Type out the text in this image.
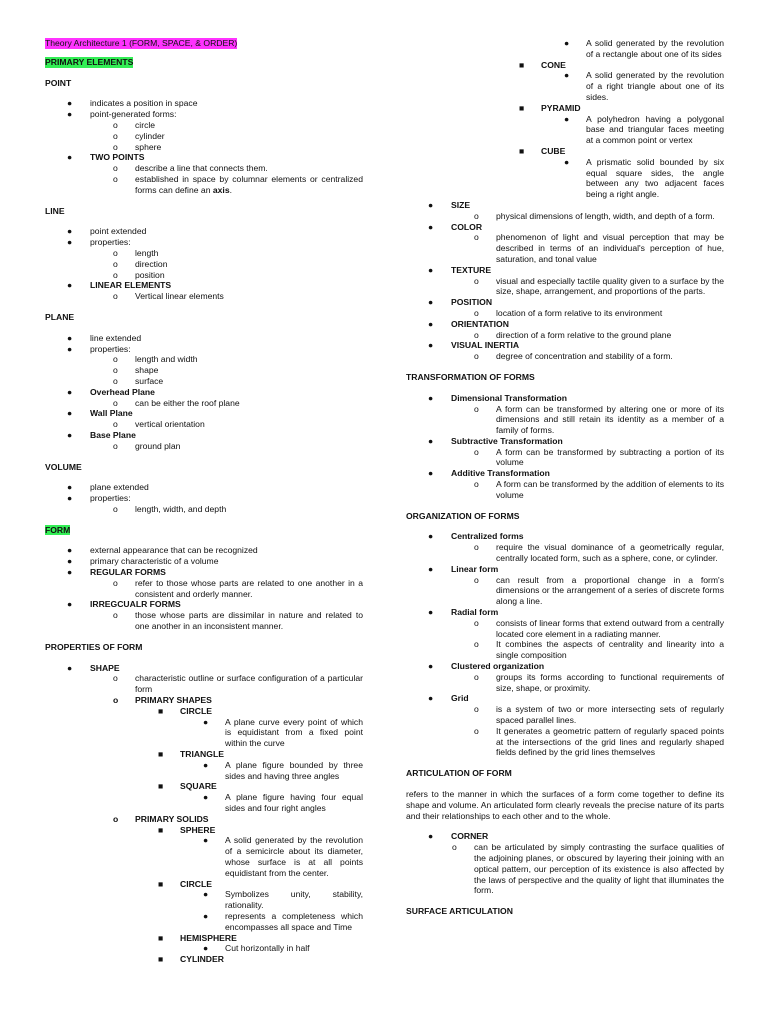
Theory Architecture 1 (FORM, SPACE, & ORDER)
PRIMARY ELEMENTS
POINT
● indicates a position in space
● point-generated forms:
o circle
o cylinder
o sphere
● TWO POINTS
o describe a line that connects them.
o established in space by columnar elements or centralized forms can define an axis.
LINE
● point extended
● properties:
o length
o direction
o position
● LINEAR ELEMENTS
o Vertical linear elements
PLANE
● line extended
● properties:
o length and width
o shape
o surface
● Overhead Plane
o can be either the roof plane
● Wall Plane
o vertical orientation
● Base Plane
o ground plan
VOLUME
● plane extended
● properties:
o length, width, and depth
FORM
● external appearance that can be recognized
● primary characteristic of a volume
● REGULAR FORMS
o refer to those whose parts are related to one another in a consistent and orderly manner.
● IRREGCUALR FORMS
o those whose parts are dissimilar in nature and related to one another in an inconsistent manner.
PROPERTIES OF FORM
● SHAPE
o characteristic outline or surface configuration of a particular form
o PRIMARY SHAPES
■ CIRCLE
● A plane curve every point of which is equidistant from a fixed point within the curve
■ TRIANGLE
● A plane figure bounded by three sides and having three angles
■ SQUARE
● A plane figure having four equal sides and four right angles
o PRIMARY SOLIDS
■ SPHERE
● A solid generated by the revolution of a semicircle about its diameter, whose surface is at all points equidistant from the center.
■ CIRCLE
● Symbolizes unity, stability, rationality.
● represents a completeness which encompasses all space and Time
■ HEMISPHERE
● Cut horizontally in half
■ CYLINDER
● A solid generated by the revolution of a rectangle about one of its sides
■ CONE
● A solid generated by the revolution of a right triangle about one of its sides.
■ PYRAMID
● A polyhedron having a polygonal base and triangular faces meeting at a common point or vertex
■ CUBE
● A prismatic solid bounded by six equal square sides, the angle between any two adjacent faces being a right angle.
● SIZE
o physical dimensions of length, width, and depth of a form.
● COLOR
o phenomenon of light and visual perception that may be described in terms of an individual's perception of hue, saturation, and tonal value
● TEXTURE
o visual and especially tactile quality given to a surface by the size, shape, arrangement, and proportions of the parts.
● POSITION
o location of a form relative to its environment
● ORIENTATION
o direction of a form relative to the ground plane
● VISUAL INERTIA
o degree of concentration and stability of a form.
TRANSFORMATION OF FORMS
● Dimensional Transformation
o A form can be transformed by altering one or more of its dimensions and still retain its identity as a member of a family of forms.
● Subtractive Transformation
o A form can be transformed by subtracting a portion of its volume
● Additive Transformation
o A form can be transformed by the addition of elements to its volume
ORGANIZATION OF FORMS
● Centralized forms
o require the visual dominance of a geometrically regular, centrally located form, such as a sphere, cone, or cylinder.
● Linear form
o can result from a proportional change in a form's dimensions or the arrangement of a series of discrete forms along a line.
● Radial form
o consists of linear forms that extend outward from a centrally located core element in a radiating manner.
o It combines the aspects of centrality and linearity into a single composition
● Clustered organization
o groups its forms according to functional requirements of size, shape, or proximity.
● Grid
o is a system of two or more intersecting sets of regularly spaced parallel lines.
o It generates a geometric pattern of regularly spaced points at the intersections of the grid lines and regularly shaped fields defined by the grid lines themselves
ARTICULATION OF FORM
refers to the manner in which the surfaces of a form come together to define its shape and volume. An articulated form clearly reveals the precise nature of its parts and their relationships to each other and to the whole.
● CORNER
o can be articulated by simply contrasting the surface qualities of the adjoining planes, or obscured by layering their joining with an optical pattern, our perception of its existence is also affected by the laws of perspective and the quality of light that illuminates the form.
SURFACE ARTICULATION
